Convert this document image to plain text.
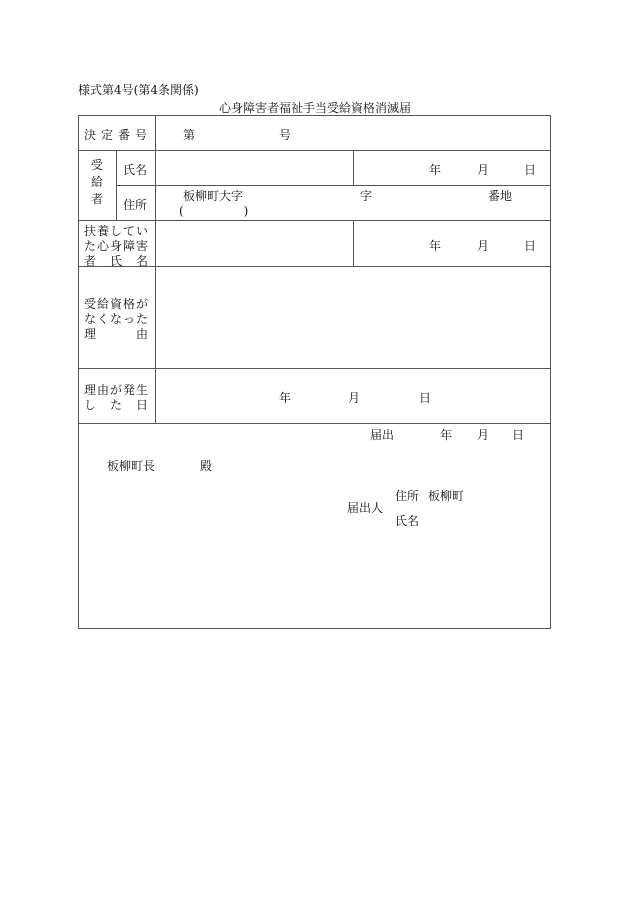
様式第4号(第4条関係)
心身障害者福祉手当受給資格消滅届
決定番号	第	号
受給者
氏名	年	月	日
住所
板柳町大字	字	番地
(　　　　　)
扶養してい
た心身障害
者　氏　名
年	月	日
受給資格が
なくなった
理　　　由
理由が発生
し　た　日	年	月	日
届出	年 月 日
板柳町長	殿
届出人
住所 板柳町
氏名
